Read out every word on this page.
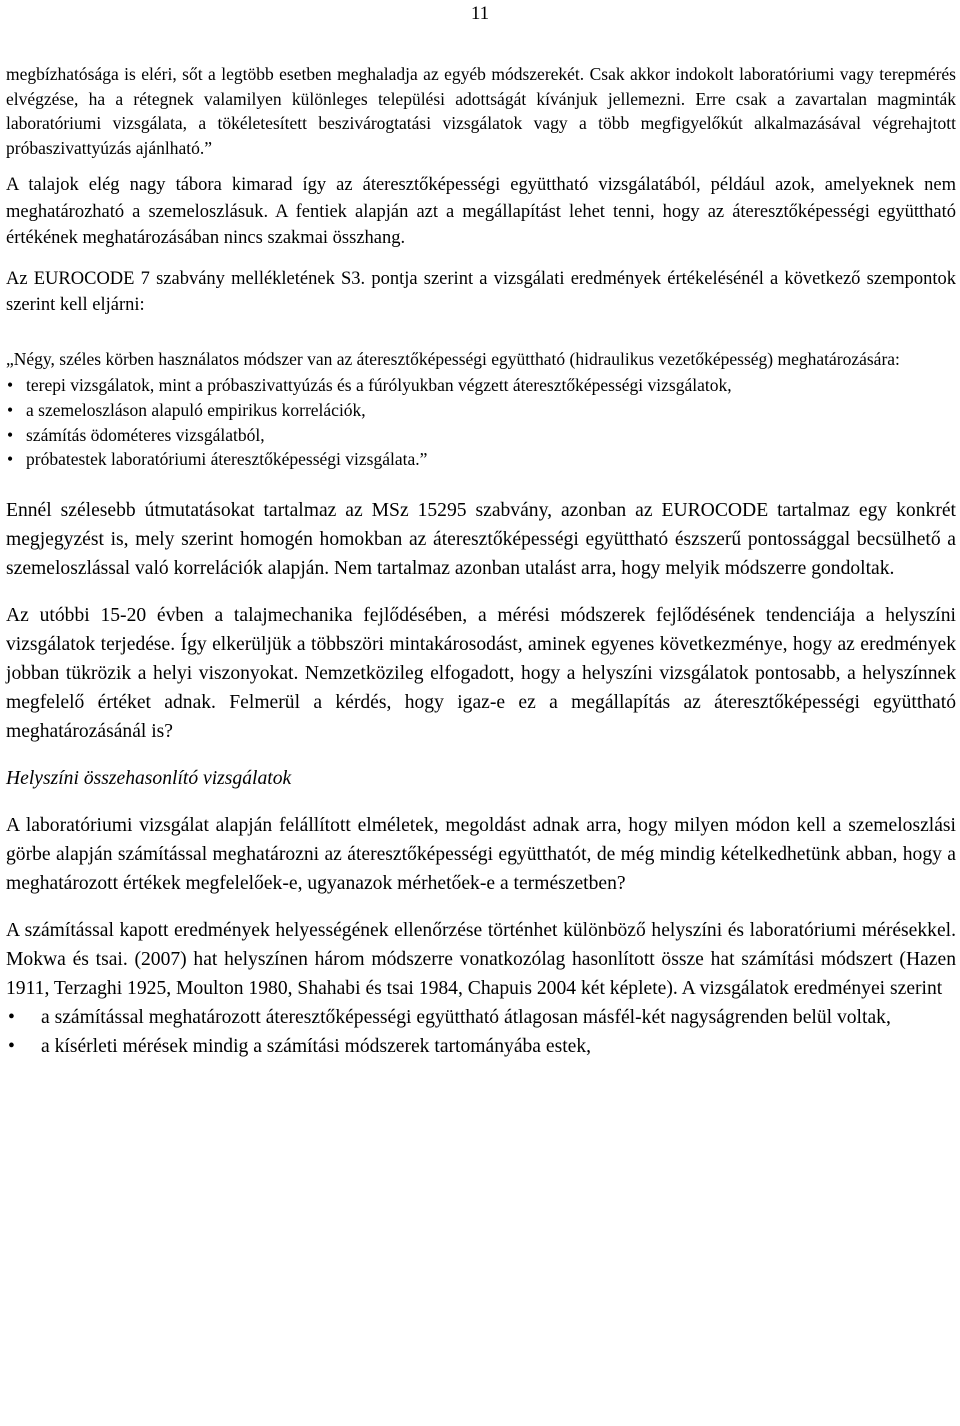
11

megbízhatósága is eléri, sőt a legtöbb esetben meghaladja az egyéb módszerekét. Csak akkor indokolt laboratóriumi vagy terepmérés elvégzése, ha a rétegnek valamilyen különleges települési adottságát kívánjuk jellemezni. Erre csak a zavartalan magminták laboratóriumi vizsgálata, a tökéletesített beszivárogtatási vizsgálatok vagy a több megfigyelőkút alkalmazásával végrehajtott próbaszivattyúzás ajánlható.”

A talajok elég nagy tábora kimarad így az áteresztőképességi együttható vizsgálatából, például azok, amelyeknek nem meghatározható a szemeloszlásuk. A fentiek alapján azt a megállapítást lehet tenni, hogy az áteresztőképességi együttható értékének meghatározásában nincs szakmai összhang.

Az EUROCODE 7 szabvány mellékletének S3. pontja szerint a vizsgálati eredmények értékelésénél a következő szempontok szerint kell eljárni:

„Négy, széles körben használatos módszer van az áteresztőképességi együttható (hidraulikus vezetőképesség) meghatározására:

• terepi vizsgálatok, mint a próbaszivattyúzás és a fúrólyukban végzett áteresztőképességi vizsgálatok,
• a szemeloszláson alapuló empirikus korrelációk,
• számítás ödométeres vizsgálatból,
• próbatestek laboratóriumi áteresztőképességi vizsgálata.”

Ennél szélesebb útmutatásokat tartalmaz az MSz 15295 szabvány, azonban az EUROCODE tartalmaz egy konkrét megjegyzést is, mely szerint homogén homokban az áteresztőképességi együttható észszerű pontossággal becsülhető a szemeloszlással való korrelációk alapján. Nem tartalmaz azonban utalást arra, hogy melyik módszerre gondoltak.

Az utóbbi 15-20 évben a talajmechanika fejlődésében, a mérési módszerek fejlődésének tendenciája a helyszíni vizsgálatok terjedése. Így elkerüljük a többszöri mintakárosodást, aminek egyenes következménye, hogy az eredmények jobban tükrözik a helyi viszonyokat. Nemzetközileg elfogadott, hogy a helyszíni vizsgálatok pontosabb, a helyszínnek megfelelő értéket adnak. Felmerül a kérdés, hogy igaz-e ez a megállapítás az áteresztőképességi együttható meghatározásánál is?

Helyszíni összehasonlító vizsgálatok

A laboratóriumi vizsgálat alapján felállított elméletek, megoldást adnak arra, hogy milyen módon kell a szemeloszlási görbe alapján számítással meghatározni az áteresztőképességi együtthatót, de még mindig kételkedhetünk abban, hogy a meghatározott értékek megfelelőek-e, ugyanazok mérhetőek-e a természetben?

A számítással kapott eredmények helyességének ellenőrzése történhet különböző helyszíni és laboratóriumi mérésekkel. Mokwa és tsai. (2007) hat helyszínen három módszerre vonatkozólag hasonlított össze hat számítási módszert (Hazen 1911, Terzaghi 1925, Moulton 1980, Shahabi és tsai 1984, Chapuis 2004 két képlete). A vizsgálatok eredményei szerint

• a számítással meghatározott áteresztőképességi együttható átlagosan másfél-két nagyságrenden belül voltak,
• a kísérleti mérések mindig a számítási módszerek tartományába estek,
